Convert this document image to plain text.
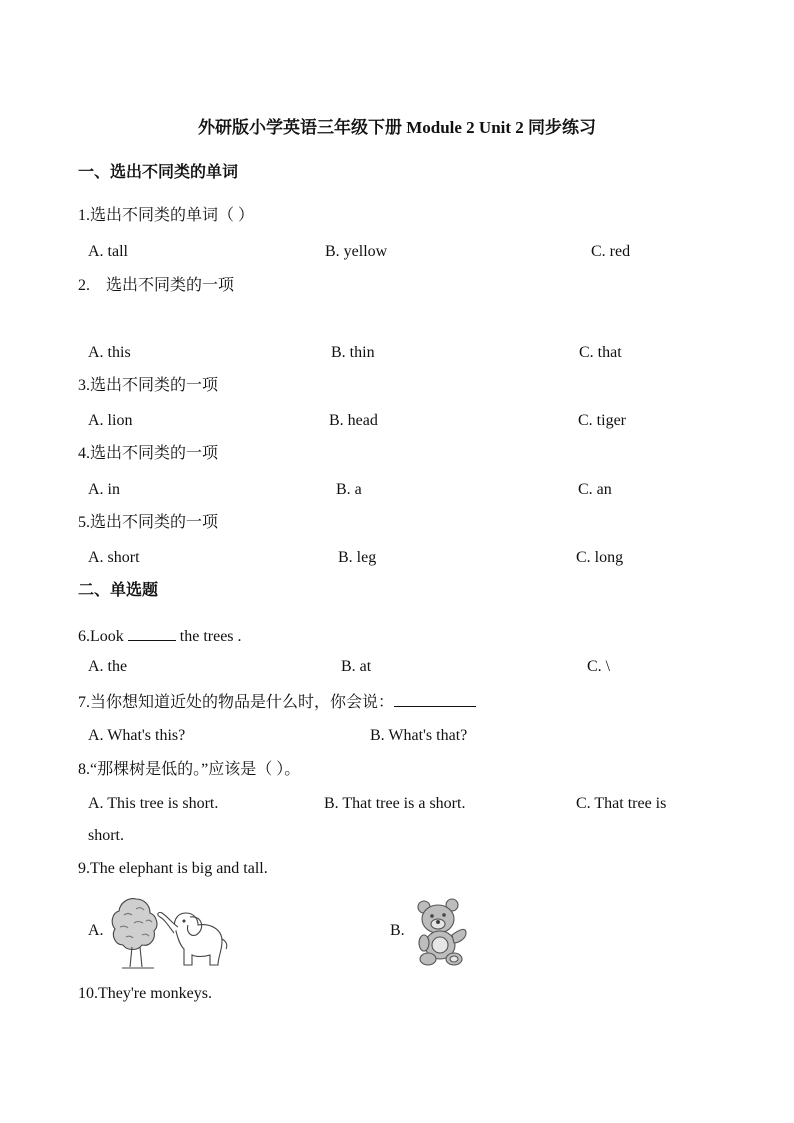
外研版小学英语三年级下册 Module 2 Unit 2 同步练习
一、选出不同类的单词
1.选出不同类的单词（ ）
A. tall	B. yellow	C. red
2.    选出不同类的一项
A. this	B. thin	C. that
3.选出不同类的一项
A. lion	B. head	C. tiger
4.选出不同类的一项
A. in	B. a	C. an
5.选出不同类的一项
A. short	B. leg	C. long
二、单选题
6.Look	the trees .
A. the	B. at	C. \
7.当你想知道近处的物品是什么时，你会说：
A. What's this?	B. What's that?
8.“那棵树是低的。”应该是（ ）。
A. This tree is short.	B. That tree is a short.	C. That tree is
short.
9.The elephant is big and tall.
A.	B.
10.They're monkeys.
